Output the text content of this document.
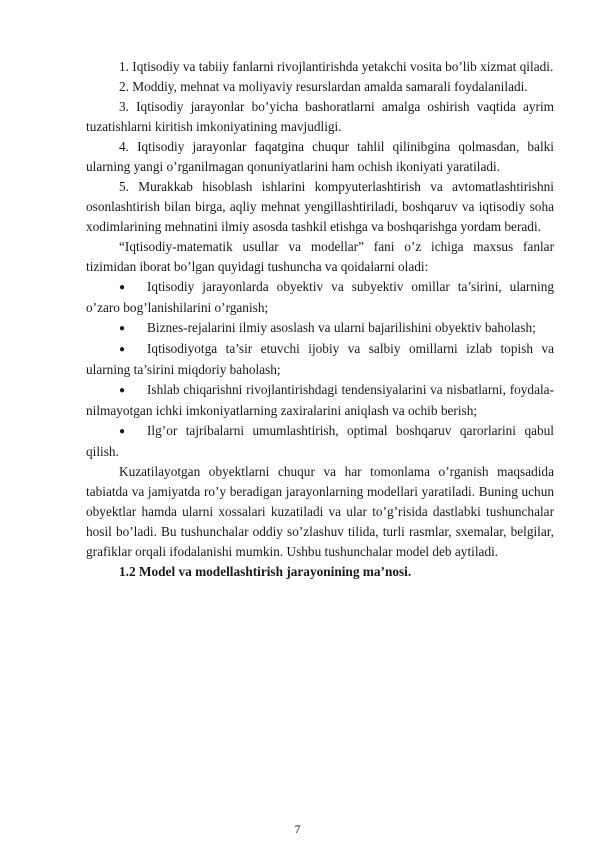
1. Iqtisodiy va tabiiy fanlarni rivojlantirishda yetakchi vosita bo’lib xizmat qiladi.

2. Moddiy, mehnat va moliyaviy resurslardan amalda samarali foydalaniladi.

3. Iqtisodiy jarayonlar bo’yicha bashoratlarni amalga oshirish vaqtida ayrim tuzatishlarni kiritish imkoniyatining mavjudligi.

4. Iqtisodiy jarayonlar faqatgina chuqur tahlil qilinibgina qolmasdan, balki ularning yangi o’rganilmagan qonuniyatlarini ham ochish ikoniyati yaratiladi.

5. Murakkab hisoblash ishlarini kompyuterlashtirish va avtomatlashtirishni osonlashtirish bilan birga, aqliy mehnat yengillashtiriladi, boshqaruv va iqtisodiy soha xodimlarining mehnatini ilmiy asosda tashkil etishga va boshqarishga yordam beradi.

“Iqtisodiy-matematik usullar va modellar” fani o’z ichiga maxsus fanlar tizimidan iborat bo’lgan quyidagi tushuncha va qoidalarni oladi:

● Iqtisodiy jarayonlarda obyektiv va subyektiv omillar ta’sirini, ularning o’zaro bog’lanishilarini o’rganish;

● Biznes-rejalarini ilmiy asoslash va ularni bajarilishini obyektiv baholash;

● Iqtisodiyotga ta’sir etuvchi ijobiy va salbiy omillarni izlab topish va ularning ta’sirini miqdoriy baholash;

● Ishlab chiqarishni rivojlantirishdagi tendensiyalarini va nisbatlarni, foydala-nilmayotgan ichki imkoniyatlarning zaxiralarini aniqlash va ochib berish;

● Ilg’or tajribalarni umumlashtirish, optimal boshqaruv qarorlarini qabul qilish.

Kuzatilayotgan obyektlarni chuqur va har tomonlama o’rganish maqsadida tabiatda va jamiyatda ro’y beradigan jarayonlarning modellari yaratiladi. Buning uchun obyektlar hamda ularni xossalari kuzatiladi va ular to’g’risida dastlabki tushunchalar hosil bo’ladi. Bu tushunchalar oddiy so’zlashuv tilida, turli rasmlar, sxemalar, belgilar, grafiklar orqali ifodalanishi mumkin. Ushbu tushunchalar model deb aytiladi.

1.2 Model va modellashtirish jarayonining ma’nosi.

7
